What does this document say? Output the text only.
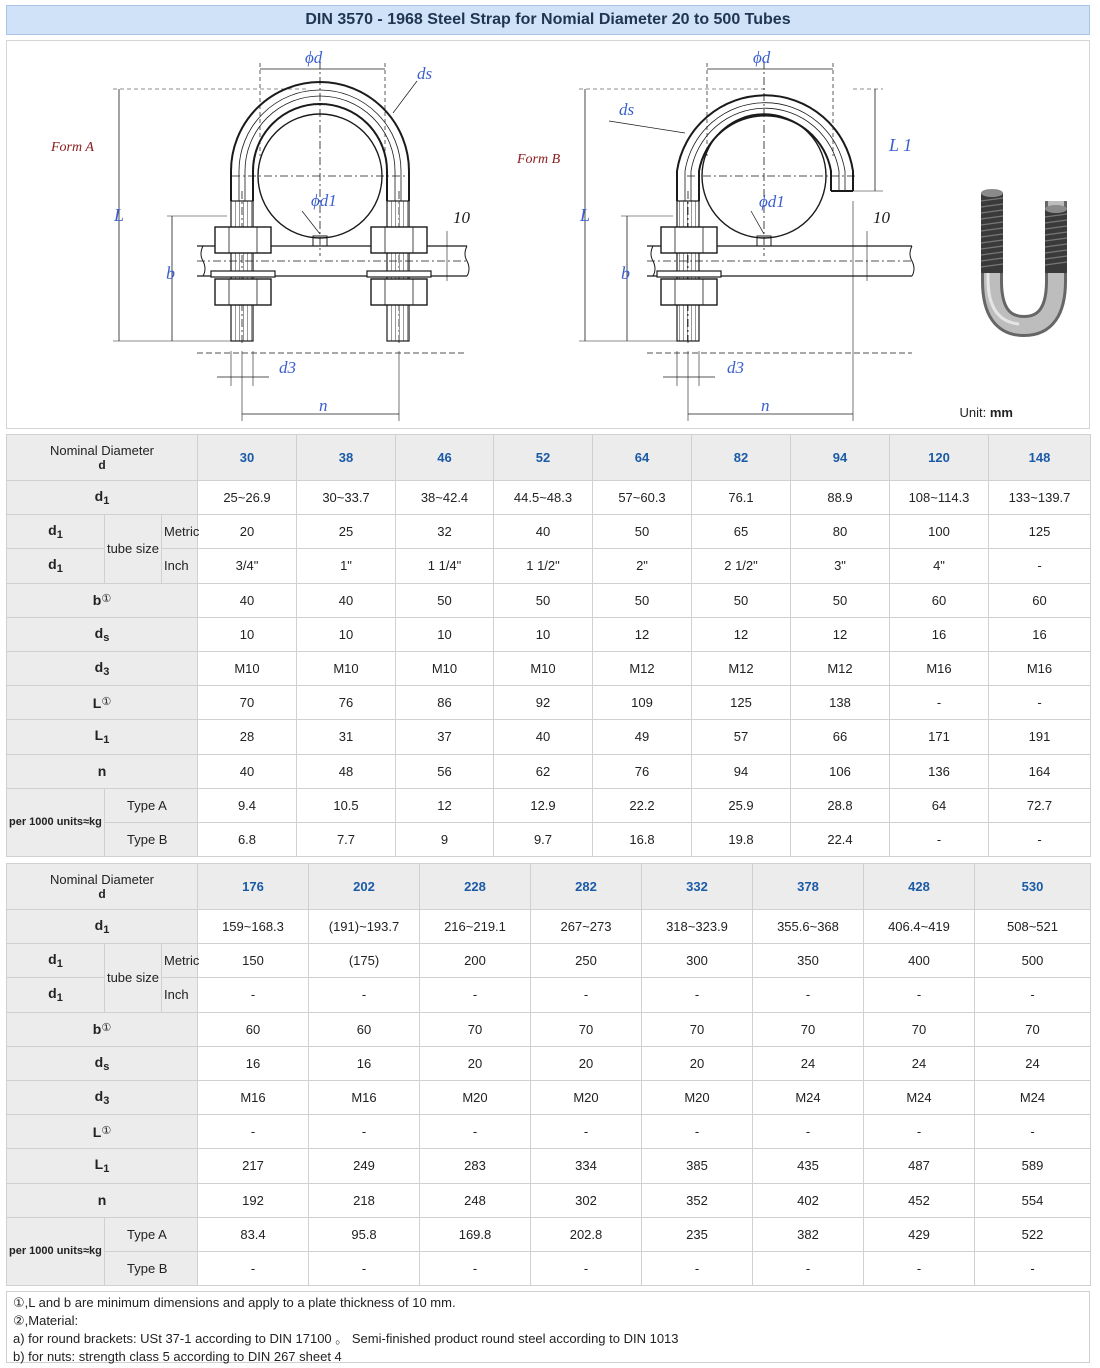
DIN 3570 - 1968 Steel Strap for Nomial Diameter 20 to 500 Tubes
Form A
ϕd
ds
ϕd1
L
b
d3
n
10
Form B
ϕd
ds
ϕd1
L
b
L 1
d3
n
10
Unit: mm
Nominal Diameter
d			30	38	46	52	64	82	94	120	148
$d_1$			25~26.9	30~33.7	38~42.4	44.5~48.3	57~60.3	76.1	88.9	108~114.3	133~139.7
$d_1$	tube size	Metric	20	25	32	40	50	65	80	100	125
$d_1$		Inch	3/4"	1"	1 1/4"	1 1/2"	2"	2 1/2"	3"	4"	-
b①			40	40	50	50	50	50	50	60	60
$d_s$			10	10	10	10	12	12	12	16	16
$d_3$			M10	M10	M10	M10	M12	M12	M12	M16	M16
L①			70	76	86	92	109	125	138	-	-
$L_1$			28	31	37	40	49	57	66	171	191
n			40	48	56	62	76	94	106	136	164
per 1000 units≈kg	Type A		9.4	10.5	12	12.9	22.2	25.9	28.8	64	72.7
	Type B		6.8	7.7	9	9.7	16.8	19.8	22.4	-	-
Nominal Diameter
d			176	202	228	282	332	378	428	530
$d_1$			159~168.3	(191)~193.7	216~219.1	267~273	318~323.9	355.6~368	406.4~419	508~521
$d_1$	tube size	Metric	150	(175)	200	250	300	350	400	500
$d_1$		Inch	-	-	-	-	-	-	-	-
b①			60	60	70	70	70	70	70	70
$d_s$			16	16	20	20	20	24	24	24
$d_3$			M16	M16	M20	M20	M20	M24	M24	M24
L①			-	-	-	-	-	-	-	-
$L_1$			217	249	283	334	385	435	487	589
n			192	218	248	302	352	402	452	554
per 1000 units≈kg	Type A		83.4	95.8	169.8	202.8	235	382	429	522
	Type B		-	-	-	-	-	-	-	-
①,L and b are minimum dimensions and apply to a plate thickness of 10 mm.
②,Material:
a) for round brackets: USt 37-1 according to DIN 17100 。 Semi-finished product round steel according to DIN 1013
b) for nuts: strength class 5 according to DIN 267 sheet 4
